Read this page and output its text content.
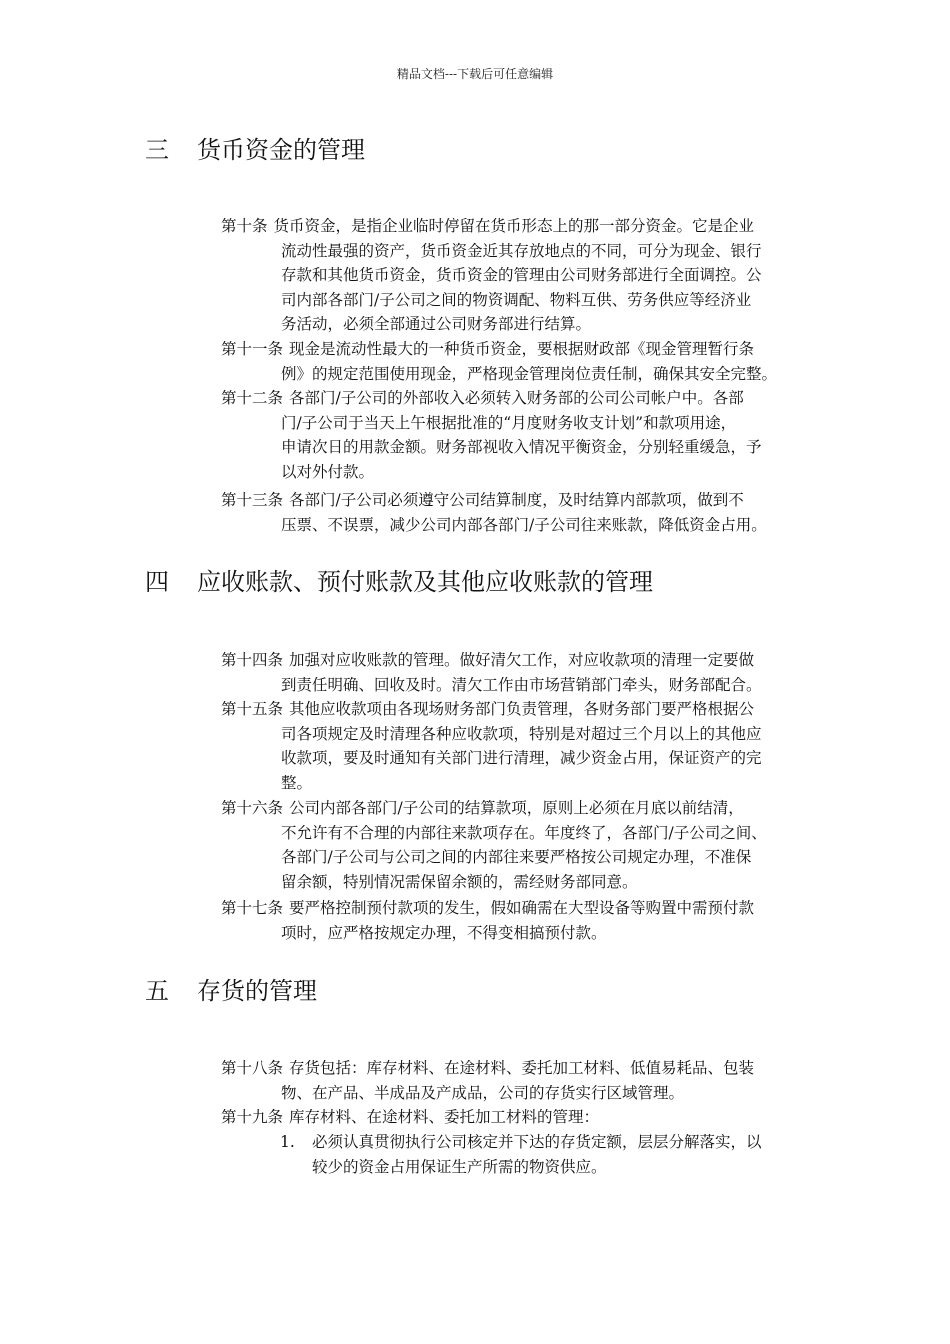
精品文档---下载后可任意编辑
三 货币资金的管理
第十条 货币资金，是指企业临时停留在货币形态上的那一部分资金。它是企业
流动性最强的资产，货币资金近其存放地点的不同，可分为现金、银行
存款和其他货币资金，货币资金的管理由公司财务部进行全面调控。公
司内部各部门/子公司之间的物资调配、物料互供、劳务供应等经济业
务活动，必须全部通过公司财务部进行结算。
第十一条 现金是流动性最大的一种货币资金，要根据财政部《现金管理暂行条
例》的规定范围使用现金，严格现金管理岗位责任制，确保其安全完整。
第十二条 各部门/子公司的外部收入必须转入财务部的公司公司帐户中。各部
门/子公司于当天上午根据批准的“月度财务收支计划”和款项用途，
申请次日的用款金额。财务部视收入情况平衡资金，分别轻重缓急，予
以对外付款。
第十三条 各部门/子公司必须遵守公司结算制度，及时结算内部款项，做到不
压票、不误票，减少公司内部各部门/子公司往来账款，降低资金占用。
四 应收账款、预付账款及其他应收账款的管理
第十四条 加强对应收账款的管理。做好清欠工作，对应收款项的清理一定要做
到责任明确、回收及时。清欠工作由市场营销部门牵头，财务部配合。
第十五条 其他应收款项由各现场财务部门负责管理，各财务部门要严格根据公
司各项规定及时清理各种应收款项，特别是对超过三个月以上的其他应
收款项，要及时通知有关部门进行清理，减少资金占用，保证资产的完
整。
第十六条 公司内部各部门/子公司的结算款项，原则上必须在月底以前结清，
不允许有不合理的内部往来款项存在。年度终了，各部门/子公司之间、
各部门/子公司与公司之间的内部往来要严格按公司规定办理，不准保
留余额，特别情况需保留余额的，需经财务部同意。
第十七条 要严格控制预付款项的发生，假如确需在大型设备等购置中需预付款
项时，应严格按规定办理，不得变相搞预付款。
五 存货的管理
第十八条 存货包括：库存材料、在途材料、委托加工材料、低值易耗品、包装
物、在产品、半成品及产成品，公司的存货实行区域管理。
第十九条 库存材料、在途材料、委托加工材料的管理：
1. 必须认真贯彻执行公司核定并下达的存货定额，层层分解落实，以
较少的资金占用保证生产所需的物资供应。
